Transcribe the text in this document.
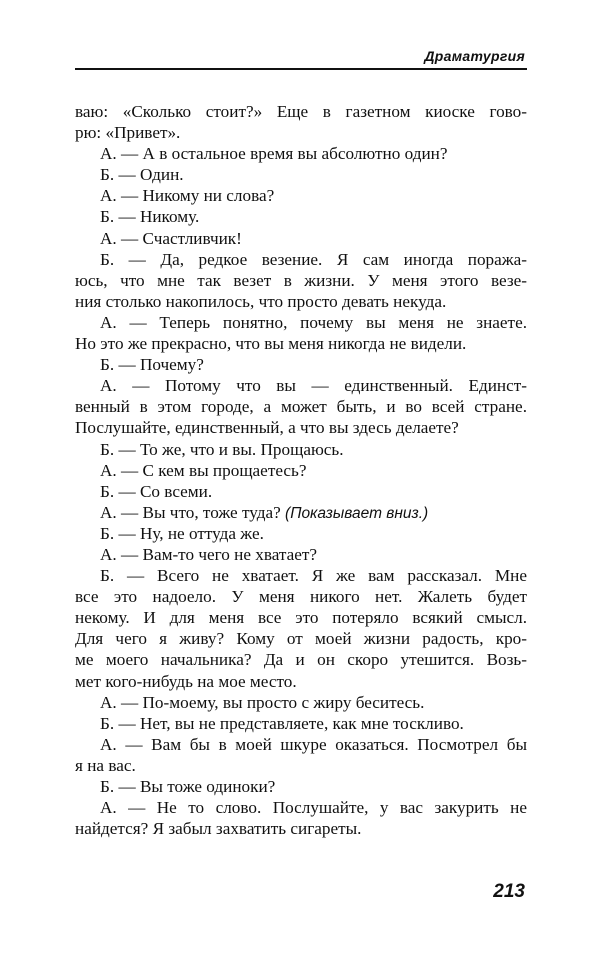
Драматургия
ваю: «Сколько стоит?» Еще в газетном киоске гово-
рю: «Привет».
А. — А в остальное время вы абсолютно один?
Б. — Один.
А. — Никому ни слова?
Б. — Никому.
А. — Счастливчик!
Б. — Да, редкое везение. Я сам иногда поража-
юсь, что мне так везет в жизни. У меня этого везе-
ния столько накопилось, что просто девать некуда.
А. — Теперь понятно, почему вы меня не знаете.
Но это же прекрасно, что вы меня никогда не видели.
Б. — Почему?
А. — Потому что вы — единственный. Единст-
венный в этом городе, а может быть, и во всей стране.
Послушайте, единственный, а что вы здесь делаете?
Б. — То же, что и вы. Прощаюсь.
А. — С кем вы прощаетесь?
Б. — Со всеми.
А. — Вы что, тоже туда? (Показывает вниз.)
Б. — Ну, не оттуда же.
А. — Вам-то чего не хватает?
Б. — Всего не хватает. Я же вам рассказал. Мне
все это надоело. У меня никого нет. Жалеть будет
некому. И для меня все это потеряло всякий смысл.
Для чего я живу? Кому от моей жизни радость, кро-
ме моего начальника? Да и он скоро утешится. Возь-
мет кого-нибудь на мое место.
А. — По-моему, вы просто с жиру беситесь.
Б. — Нет, вы не представляете, как мне тоскливо.
А. — Вам бы в моей шкуре оказаться. Посмотрел бы
я на вас.
Б. — Вы тоже одиноки?
А. — Не то слово. Послушайте, у вас закурить не
найдется? Я забыл захватить сигареты.
213
